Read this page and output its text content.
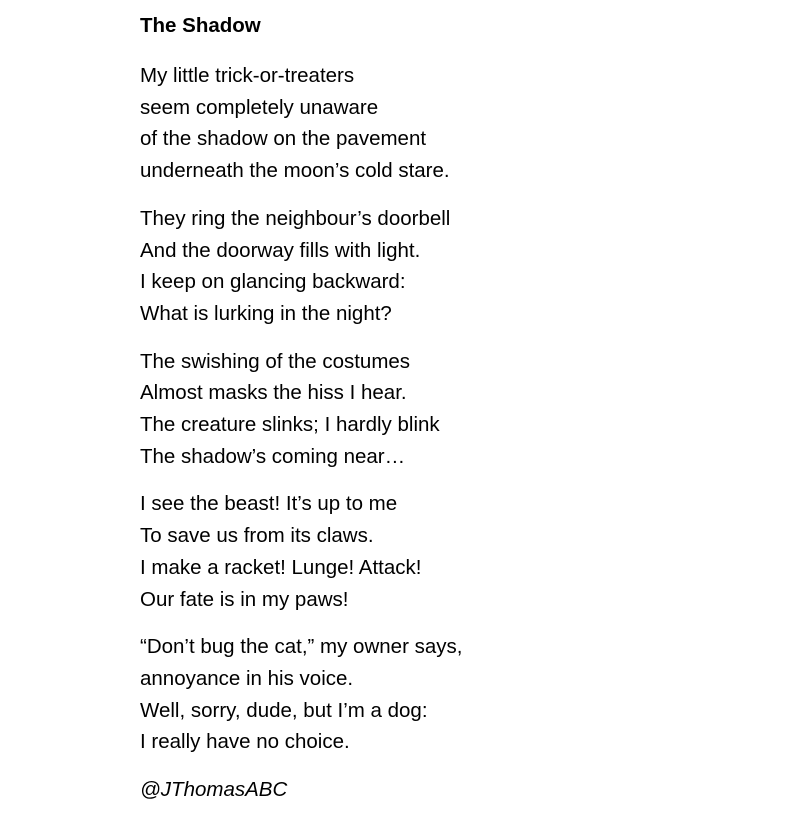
The Shadow
My little trick-or-treaters
seem completely unaware
of the shadow on the pavement
underneath the moon’s cold stare.
They ring the neighbour’s doorbell
And the doorway fills with light.
I keep on glancing backward:
What is lurking in the night?
The swishing of the costumes
Almost masks the hiss I hear.
The creature slinks; I hardly blink
The shadow’s coming near…
I see the beast! It’s up to me
To save us from its claws.
I make a racket! Lunge! Attack!
Our fate is in my paws!
“Don’t bug the cat,” my owner says,
annoyance in his voice.
Well, sorry, dude, but I’m a dog:
I really have no choice.
@JThomasABC
